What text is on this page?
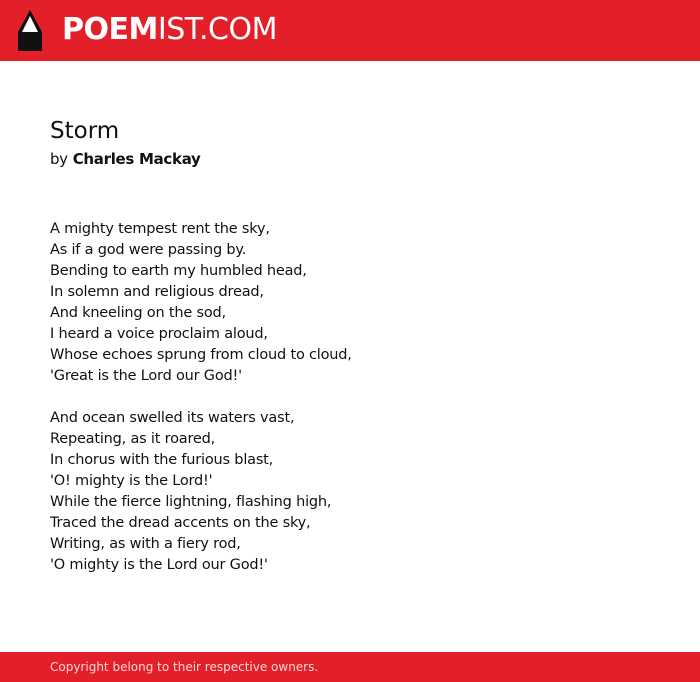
POEMIST.COM
Storm
by Charles Mackay
A mighty tempest rent the sky,
As if a god were passing by.
Bending to earth my humbled head,
In solemn and religious dread,
And kneeling on the sod,
I heard a voice proclaim aloud,
Whose echoes sprung from cloud to cloud,
'Great is the Lord our God!'
And ocean swelled its waters vast,
Repeating, as it roared,
In chorus with the furious blast,
'O! mighty is the Lord!'
While the fierce lightning, flashing high,
Traced the dread accents on the sky,
Writing, as with a fiery rod,
'O mighty is the Lord our God!'
Copyright belong to their respective owners.
